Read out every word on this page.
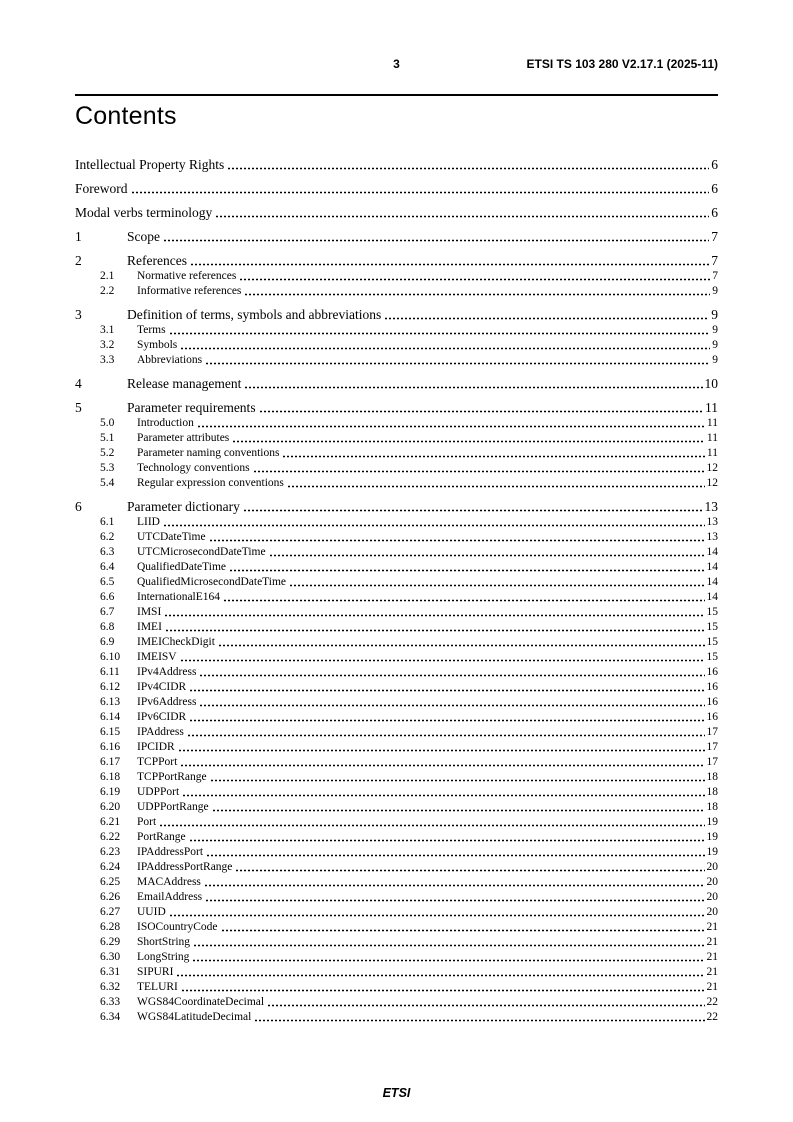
3	ETSI TS 103 280 V2.17.1 (2025-11)
Contents
Intellectual Property Rights	6
Foreword	6
Modal verbs terminology	6
1	Scope	7
2	References	7
2.1	Normative references	7
2.2	Informative references	9
3	Definition of terms, symbols and abbreviations	9
3.1	Terms	9
3.2	Symbols	9
3.3	Abbreviations	9
4	Release management	10
5	Parameter requirements	11
5.0	Introduction	11
5.1	Parameter attributes	11
5.2	Parameter naming conventions	11
5.3	Technology conventions	12
5.4	Regular expression conventions	12
6	Parameter dictionary	13
6.1	LIID	13
6.2	UTCDateTime	13
6.3	UTCMicrosecondDateTime	14
6.4	QualifiedDateTime	14
6.5	QualifiedMicrosecondDateTime	14
6.6	InternationalE164	14
6.7	IMSI	15
6.8	IMEI	15
6.9	IMEICheckDigit	15
6.10	IMEISV	15
6.11	IPv4Address	16
6.12	IPv4CIDR	16
6.13	IPv6Address	16
6.14	IPv6CIDR	16
6.15	IPAddress	17
6.16	IPCIDR	17
6.17	TCPPort	17
6.18	TCPPortRange	18
6.19	UDPPort	18
6.20	UDPPortRange	18
6.21	Port	19
6.22	PortRange	19
6.23	IPAddressPort	19
6.24	IPAddressPortRange	20
6.25	MACAddress	20
6.26	EmailAddress	20
6.27	UUID	20
6.28	ISOCountryCode	21
6.29	ShortString	21
6.30	LongString	21
6.31	SIPURI	21
6.32	TELURI	21
6.33	WGS84CoordinateDecimal	22
6.34	WGS84LatitudeDecimal	22
ETSI
